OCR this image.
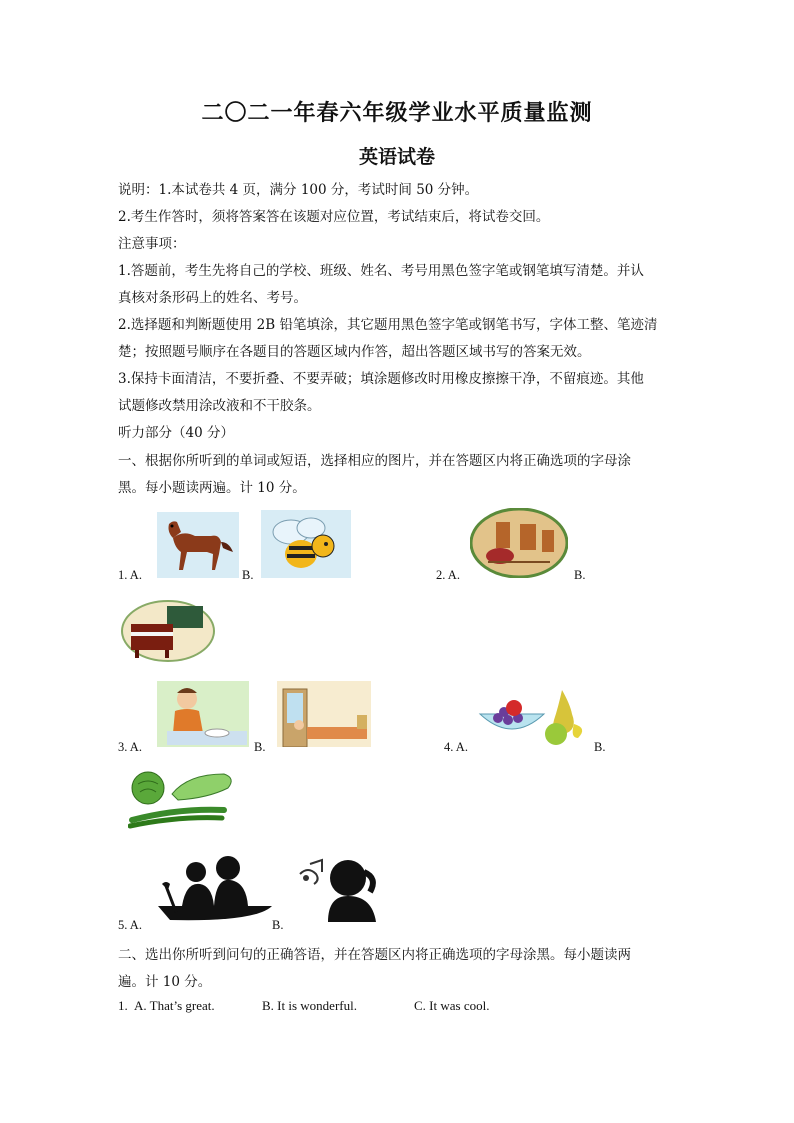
二〇二一年春六年级学业水平质量监测
英语试卷
说明：1.本试卷共 4 页，满分 100 分，考试时间 50 分钟。
2.考生作答时，须将答案答在该题对应位置，考试结束后，将试卷交回。
注意事项：
1.答题前，考生先将自己的学校、班级、姓名、考号用黑色签字笔或钢笔填写清楚。并认
真核对条形码上的姓名、考号。
2.选择题和判断题使用 2B 铅笔填涂，其它题用黑色签字笔或钢笔书写，字体工整、笔迹清
楚；按照题号顺序在各题目的答题区域内作答，超出答题区域书写的答案无效。
3.保持卡面清洁，不要折叠、不要弄破；填涂题修改时用橡皮擦擦干净，不留痕迹。其他
试题修改禁用涂改液和不干胶条。
听力部分（40 分）
一、根据你所听到的单词或短语，选择相应的图片，并在答题区内将正确选项的字母涂
黑。每小题读两遍。计 10 分。
1. A.	B.	2. A.	B.
3. A.	B.	4. A.	B.
5. A.	B.
二、选出你所听到问句的正确答语，并在答题区内将正确选项的字母涂黑。每小题读两
遍。计 10 分。
1. A. That’s great.	B. It is wonderful.	C. It was cool.
